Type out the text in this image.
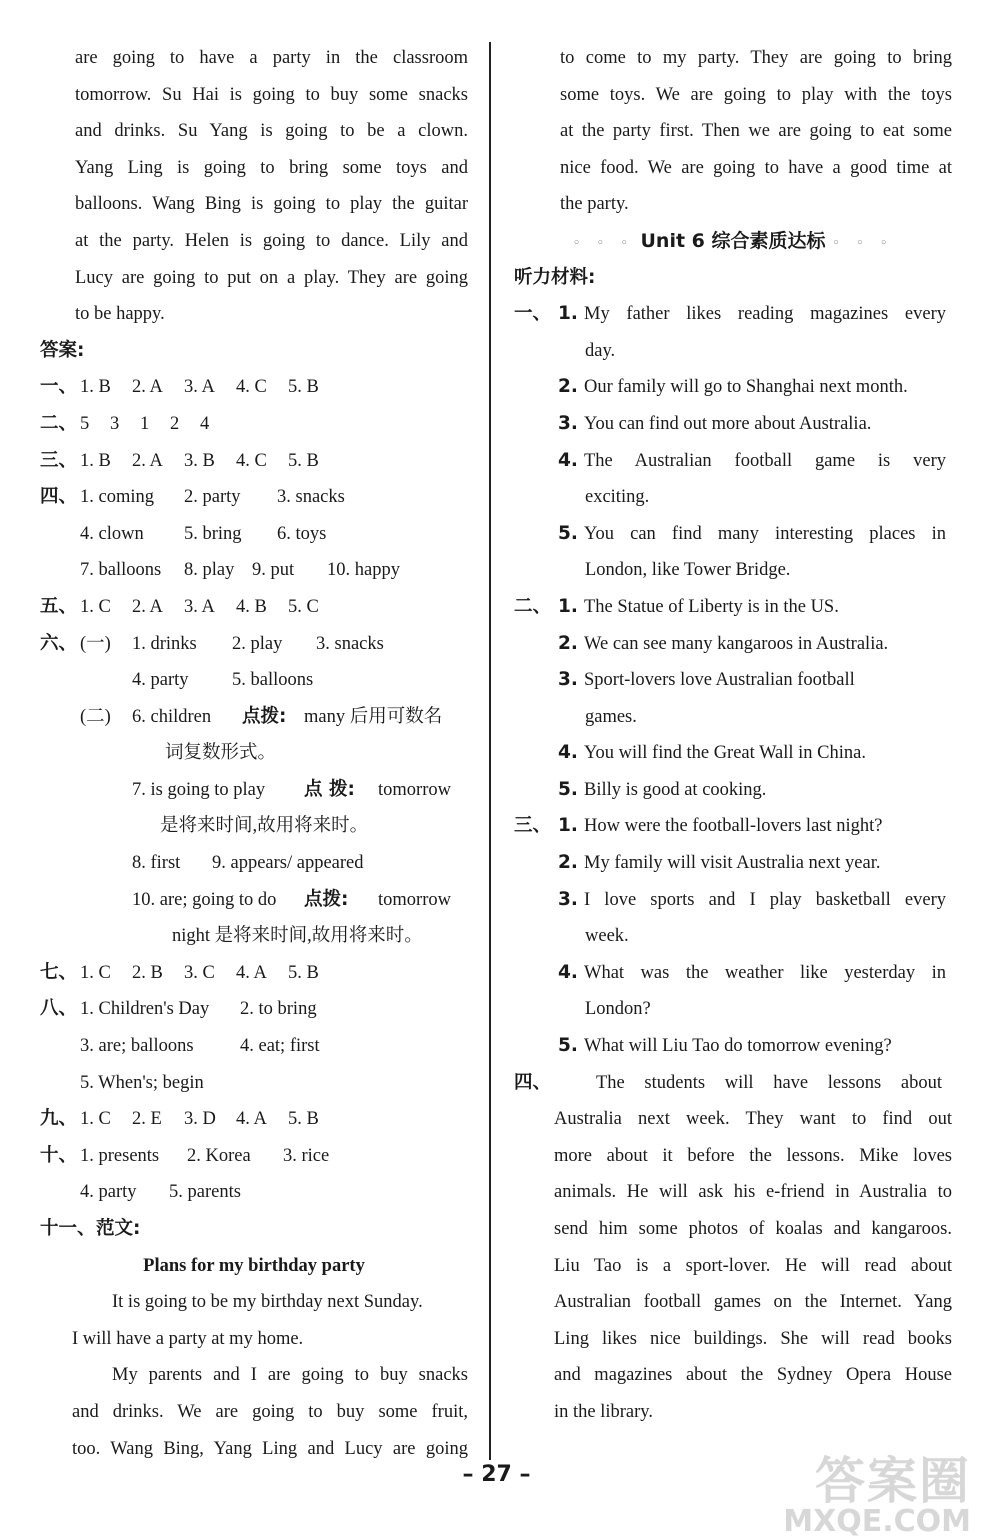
are going to have a party in the classroom
tomorrow. Su Hai is going to buy some snacks
and drinks. Su Yang is going to be a clown.
Yang Ling is going to bring some toys and
balloons. Wang Bing is going to play the guitar
at the party. Helen is going to dance. Lily and
Lucy are going to put on a play. They are going
to be happy.
答案:
一、 1. B 2. A 3. A 4. C 5. B
二、 5 3 1 2 4
三、 1. B 2. A 3. B 4. C 5. B
四、 1. coming 2. party 3. snacks
4. clown 5. bring 6. toys
7. balloons 8. play 9. put 10. happy
五、 1. C 2. A 3. A 4. B 5. C
六、 (一) 1. drinks 2. play 3. snacks
4. party 5. balloons
(二) 6. children 点拨: many 后用可数名
词复数形式。
7. is going to play 点 拨: tomorrow
是将来时间,故用将来时。
8. first 9. appears/ appeared
10. are; going to do 点拨: tomorrow
night 是将来时间,故用将来时。
七、 1. C 2. B 3. C 4. A 5. B
八、 1. Children's Day 2. to bring
3. are; balloons	4. eat; first
5. When's; begin
九、 1. C 2. E 3. D 4. A 5. B
十、 1. presents 2. Korea 3. rice
4. party 5. parents
十一、范文:
Plans for my birthday party
It is going to be my birthday next Sunday.
I will have a party at my home.
My parents and I are going to buy snacks
and drinks. We are going to buy some fruit,
too. Wang Bing, Yang Ling and Lucy are going
to come to my party. They are going to bring
some toys. We are going to play with the toys
at the party first. Then we are going to eat some
nice food. We are going to have a good time at
the party.
◦ ◦ ◦ Unit 6 综合素质达标 ◦ ◦ ◦
听力材料:
一、 1. My father likes reading magazines every
day.
2. Our family will go to Shanghai next month.
3. You can find out more about Australia.
4. The Australian football game is very
exciting.
5. You can find many interesting places in
London, like Tower Bridge.
二、 1. The Statue of Liberty is in the US.
2. We can see many kangaroos in Australia.
3. Sport-lovers love Australian football
games.
4. You will find the Great Wall in China.
5. Billy is good at cooking.
三、 1. How were the football-lovers last night?
2. My family will visit Australia next year.
3. I love sports and I play basketball every
week.
4. What was the weather like yesterday in
London?
5. What will Liu Tao do tomorrow evening?
四、 The students will have lessons about
Australia next week. They want to find out
more about it before the lessons. Mike loves
animals. He will ask his e-friend in Australia to
send him some photos of koalas and kangaroos.
Liu Tao is a sport-lover. He will read about
Australian football games on the Internet. Yang
Ling likes nice buildings. She will read books
and magazines about the Sydney Opera House
in the library.
– 27 –	答案圈
MXQE.COM
